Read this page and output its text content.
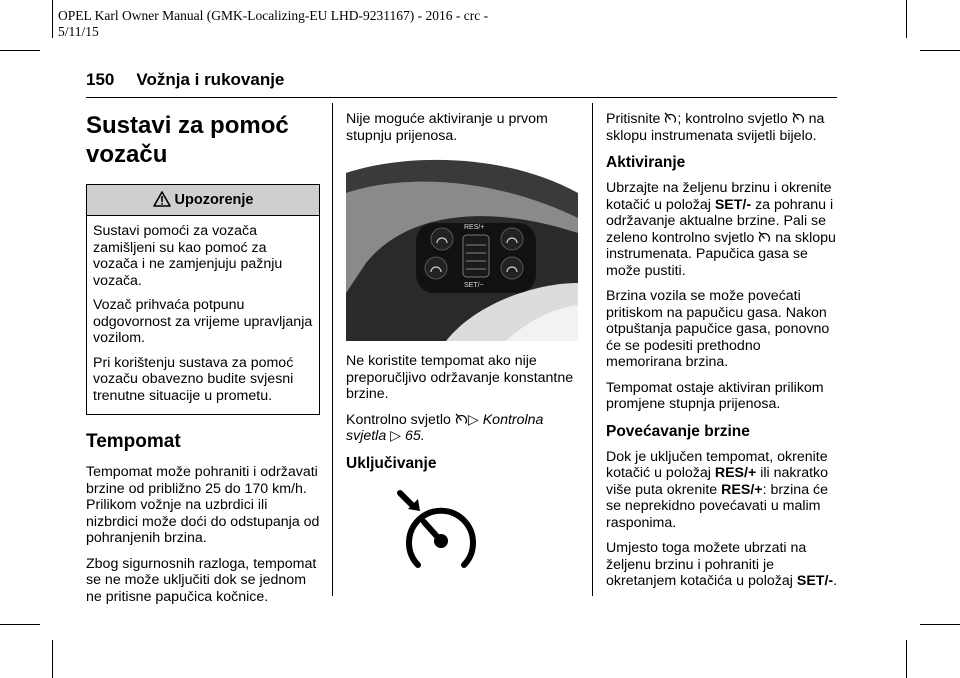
OPEL Karl Owner Manual (GMK-Localizing-EU LHD-9231167) - 2016 - crc -
5/11/15
150 Vožnja i rukovanje
Sustavi za pomoć vozaču
Upozorenje

Sustavi pomoći za vozača zamišljeni su kao pomoć za vozača i ne zamjenjuju pažnju vozača.

Vozač prihvaća potpunu odgovornost za vrijeme upravljanja vozilom.

Pri korištenju sustava za pomoć vozaču obavezno budite svjesni trenutne situacije u prometu.

Tempomat

Tempomat može pohraniti i održavati brzine od približno 25 do 170 km/h. Prilikom vožnje na uzbrdici ili nizbrdici može doći do odstupanja od pohranjenih brzina.

Zbog sigurnosnih razloga, tempomat se ne može uključiti dok se jednom ne pritisne papučica kočnice.

Nije moguće aktiviranje u prvom stupnju prijenosa.

RES/+
SET/−

Ne koristite tempomat ako nije preporučljivo održavanje konstantne brzine.

Kontrolno svjetlo ▷ Kontrolna svjetla ▷ 65.

Uključivanje

Pritisnite ; kontrolno svjetlo na sklopu instrumenata svijetli bijelo.

Aktiviranje

Ubrzajte na željenu brzinu i okrenite kotačić u položaj SET/- za pohranu i održavanje aktualne brzine. Pali se zeleno kontrolno svjetlo na sklopu instrumenata. Papučica gasa se može pustiti.

Brzina vozila se može povećati pritiskom na papučicu gasa. Nakon otpuštanja papučice gasa, ponovno će se podesiti prethodno memorirana brzina.

Tempomat ostaje aktiviran prilikom promjene stupnja prijenosa.

Povećavanje brzine

Dok je uključen tempomat, okrenite kotačić u položaj RES/+ ili nakratko više puta okrenite RES/+: brzina će se neprekidno povećavati u malim rasponima.

Umjesto toga možete ubrzati na željenu brzinu i pohraniti je okretanjem kotačića u položaj SET/-.
